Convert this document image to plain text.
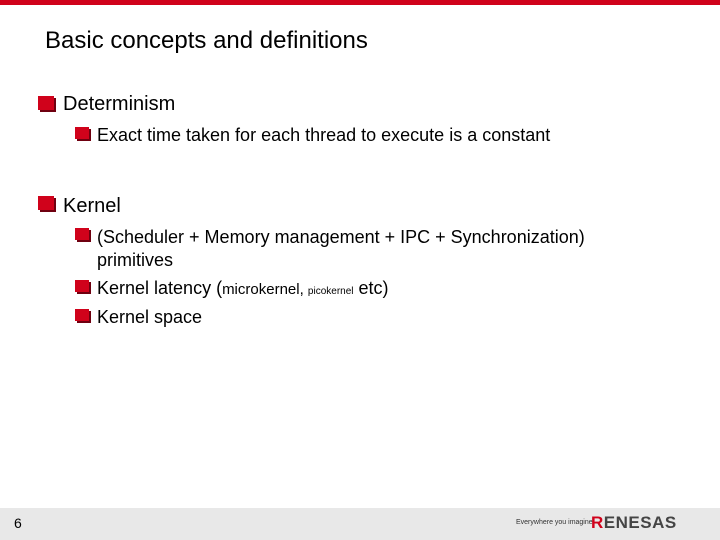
Basic concepts and definitions
Determinism
Exact time taken for each thread to execute is a constant
Kernel
(Scheduler + Memory management + IPC + Synchronization)
primitives
Kernel latency (microkernel, picokernel etc)
Kernel space
6	Everywhere you imagine.
RENESAS
